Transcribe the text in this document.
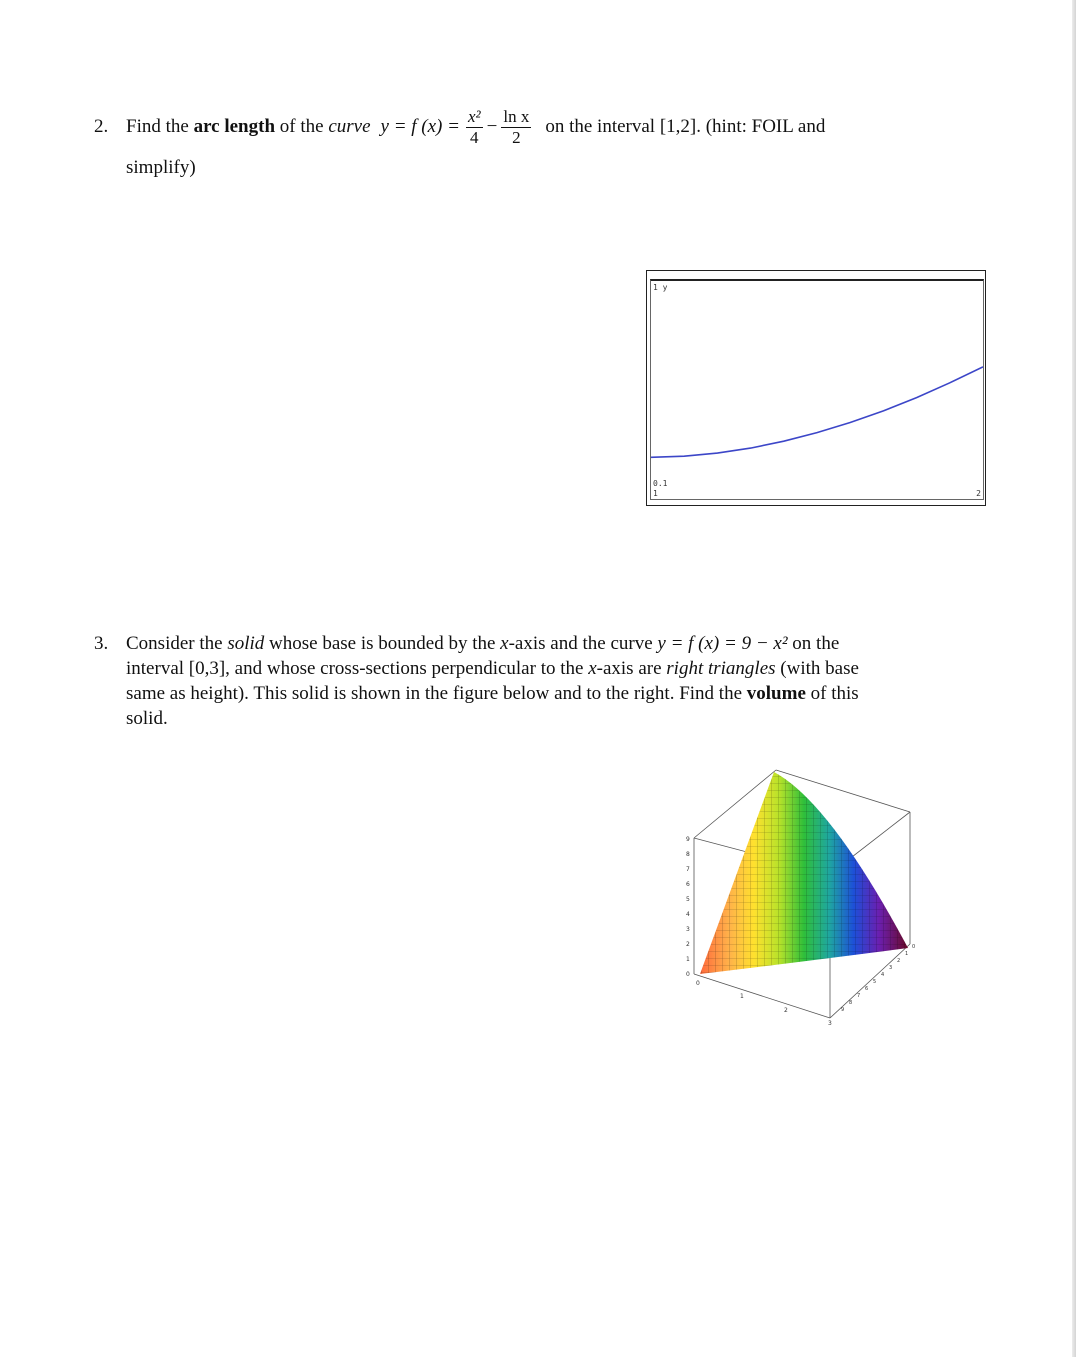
2. Find the arc length of the curve y = f $(x) = \frac{\text{x²}}{4} - \frac{\text{ln x}}{2}$ on the interval [1,2]. (hint: FOIL and
simplify)
1 y
0.1
1	2
3. Consider the solid whose base is bounded by the x-axis and the curve y = f (x) = 9 − x² on the
interval [0,3], and whose cross-sections perpendicular to the x-axis are right triangles (with base
same as height). This solid is shown in the figure below and to the right. Find the volume of this
solid.
0
1
2
3
4
5
6
7
8
9
0
1
2
3
0
1
2
3
4
5
6
7
8
9
